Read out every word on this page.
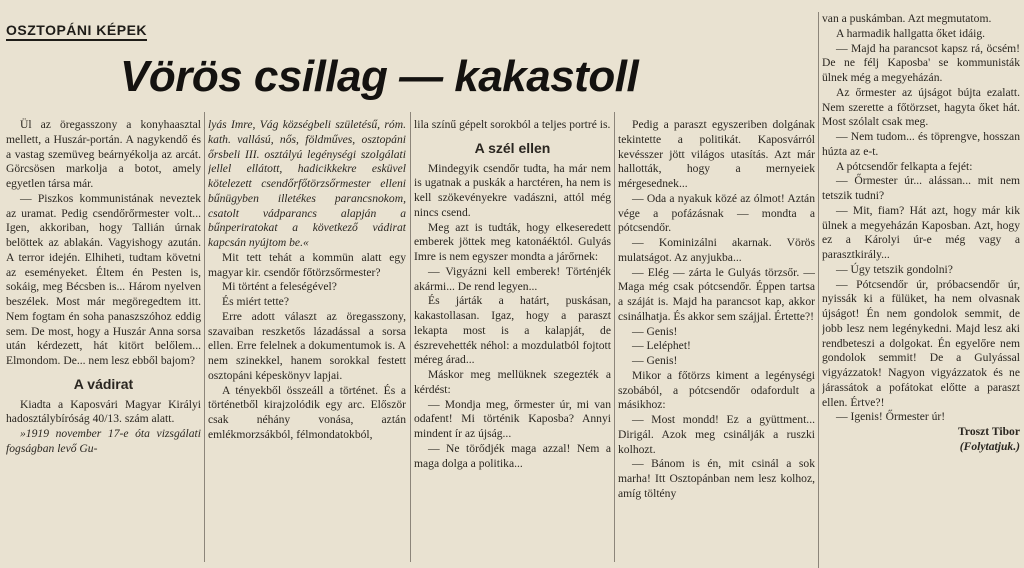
OSZTOPÁNI KÉPEK
Vörös csillag — kakastoll

Ül az öregasszony a konyhaasztal mellett, a Huszár-portán. A nagykendő és a vastag szemüveg beárnyékolja az arcát. Görcsösen markolja a botot, amely egyetlen társa már.

— Piszkos kommunistának neveztek az uramat. Pedig csendőrőrmester volt... Igen, akkoriban, hogy Tallián úrnak belöttek az ablakán. Vagyishogy azután. A terror idején. Elhiheti, tudtam követni az eseményeket. Éltem én Pesten is, sokáig, meg Bécsben is... Három nyelven beszélek. Most már megöregedtem itt. Nem fogtam én soha panaszszóhoz eddig sem. De most, hogy a Huszár Anna sorsa után kérdezett, hát kitört belőlem... Elmondom. De... nem lesz ebből bajom?

A vádirat

Kiadta a Kaposvári Magyar Királyi hadosztálybíróság 40/13. szám alatt.

»1919 november 17-e óta vizsgálati fogságban levő Gu-

lyás Imre, Vág községbeli születésű, róm. kath. vallású, nős, földműves, osztopáni őrsbeli III. osztályú legénységi szolgálati jellel ellátott, hadicikkekre esküvel kötelezett csendőrfőtörzsőrmester elleni bűnügyben illetékes parancsnokom, csatolt vádparancs alapján a bűnperiratokat a következő vádirat kapcsán nyújtom be.«

Mit tett tehát a kommün alatt egy magyar kir. csendőr főtörzsőrmester?

Mi történt a feleségével?

És miért tette?

Erre adott választ az öregasszony, szavaiban reszketős lázadással a sorsa ellen. Erre felelnek a dokumentumok is. A nem szinekkel, hanem sorokkal festett osztopáni képeskönyv lapjai.

A tényekből összeáll a történet. És a történetből kirajzolódik egy arc. Először csak néhány vonása, aztán emlékmorzsákból, félmondatokból,

lila színű gépelt sorokból a teljes portré is.

A szél ellen

Mindegyik csendőr tudta, ha már nem is ugatnak a puskák a harctéren, ha nem is kell szökevényekre vadászni, attól még nincs csend.

Meg azt is tudták, hogy elkeseredett emberek jöttek meg katonáéktól. Gulyás Imre is nem egyszer mondta a járőrnek:

— Vigyázni kell emberek! Történjék akármi... De rend legyen...

És járták a határt, puskásan, kakastollasan. Igaz, hogy a paraszt lekapta most is a kalapját, de észrevehették néhol: a mozdulatból fojtott méreg árad...

Máskor meg mellüknek szegezték a kérdést:

— Mondja meg, őrmester úr, mi van odafent! Mi történik Kaposba? Annyi mindent ír az újság...

— Ne törődjék maga azzal! Nem a maga dolga a politika...

Pedig a paraszt egyszeriben dolgának tekintette a politikát. Kaposvárról kevésszer jött világos utasítás. Azt már hallották, hogy a mernyeiek mérgesednek...

— Oda a nyakuk közé az ólmot! Aztán vége a pofázásnak — mondta a pótcsendőr.

— Kominizálni akarnak. Vörös mulatságot. Az anyjukba...

— Elég — zárta le Gulyás törzsőr. — Maga még csak pótcsendőr. Éppen tartsa a száját is. Majd ha parancsot kap, akkor csinálhatja. És akkor sem szájjal. Értette?!

— Genis!

— Leléphet!

— Genis!

Mikor a főtörzs kiment a legénységi szobából, a pótcsendőr odafordult a másikhoz:

— Most mondd! Ez a gyüttment... Dirigál. Azok meg csinálják a ruszki kolhozt.

— Bánom is én, mit csinál a sok marha! Itt Osztopánban nem lesz kolhoz, amíg töltény

van a puskámban. Azt megmutatom.

A harmadik hallgatta őket idáig.

— Majd ha parancsot kapsz rá, öcsém! De ne félj Kaposba' se kommunisták ülnek még a megyeházán.

Az őrmester az újságot bújta ezalatt. Nem szerette a főtörzset, hagyta őket hát. Most szólalt csak meg.

— Nem tudom... és töprengve, hosszan húzta az e-t.

A pótcsendőr felkapta a fejét:

— Őrmester úr... alássan... mit nem tetszik tudni?

— Mit, fiam? Hát azt, hogy már kik ülnek a megyeházán Kaposban. Azt, hogy ez a Károlyi úr-e még vagy a parasztkirály...

— Úgy tetszik gondolni?

— Pótcsendőr úr, próbacsendőr úr, nyissák ki a fülüket, ha nem olvasnak újságot! Én nem gondolok semmit, de jobb lesz nem legénykedni. Majd lesz aki rendbeteszi a dolgokat. Én egyelőre nem gondolok semmit! De a Gulyással vigyázzatok! Nagyon vigyázzatok és ne járassátok a pofátokat előtte a paraszt ellen. Értve?!

— Igenis! Őrmester úr!

Troszt Tibor
(Folytatjuk.)
